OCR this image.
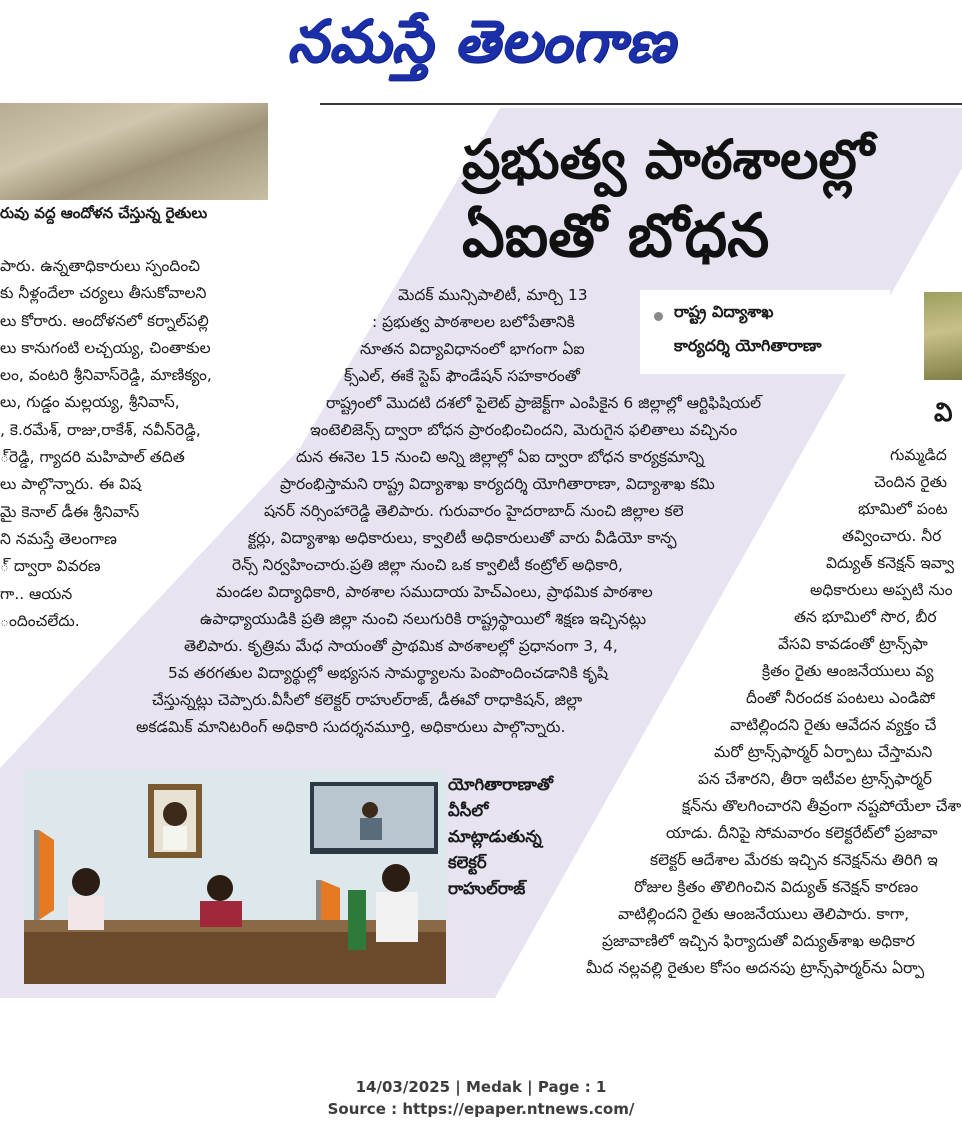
నమస్తే తెలంగాణ
రువు వద్ద ఆందోళన చేస్తున్న రైతులు
పారు. ఉన్నతాధికారులు స్పందించి
కు నీళ్లందేలా చర్యలు తీసుకోవాలని
లు కోరారు. ఆందోళనలో కర్నాల్‌పల్లి
లు కానుగంటి లచ్చయ్య, చింతాకుల
లం, వంటరి శ్రీనివాస్‌రెడ్డి, మాణిక్యం,
లు, గుడ్డం మల్లయ్య, శ్రీనివాస్,
, కె.రమేశ్, రాజు,రాకేశ్, నవీన్‌రెడ్డి,
్‌రెడ్డి, గ్యాదరి మహిపాల్ తదిత
లు పాల్గొన్నారు. ఈ విష
మై కెనాల్ డీఈ శ్రీనివాస్
ని నమస్తే తెలంగాణ
్ ద్వారా వివరణ
గా.. ఆయన
ందించలేదు.
ప్రభుత్వ పాఠశాలల్లో
ఏఐతో బోధన
రాష్ట్ర విద్యాశాఖ
కార్యదర్శి యోగితారాణా
మెదక్ మున్సిపాలిటీ, మార్చి 13
: ప్రభుత్వ పాఠశాలల బలోపేతానికి
నూతన విద్యావిధానంలో భాగంగా ఏఐ
క్స్‌ఎల్, ఈకే స్టెప్ ఫౌండేషన్ సహకారంతో
రాష్ట్రంలో మొదటి దశలో పైలెట్ ప్రాజెక్ట్‌గా ఎంపికైన 6 జిల్లాల్లో ఆర్టిఫిషియల్
ఇంటెలిజెన్స్ ద్వారా బోధన ప్రారంభించిందని, మెరుగైన ఫలితాలు వచ్చినం
దున ఈనెల 15 నుంచి అన్ని జిల్లాల్లో ఏఐ ద్వారా బోధన కార్యక్రమాన్ని
ప్రారంభిస్తామని రాష్ట్ర విద్యాశాఖ కార్యదర్శి యోగితారాణా, విద్యాశాఖ కమి
షనర్ నర్సింహారెడ్డి తెలిపారు. గురువారం హైదరాబాద్ నుంచి జిల్లాల కలె
క్టర్లు, విద్యాశాఖ అధికారులు, క్వాలిటీ అధికారులుతో వారు వీడియో కాన్ఫ
రెన్స్ నిర్వహించారు.ప్రతి జిల్లా నుంచి ఒక క్వాలిటీ కంట్రోల్ అధికారి,
మండల విద్యాధికారి, పాఠశాల సముదాయ హెచ్‌ఎంలు, ప్రాథమిక పాఠశాల
ఉపాధ్యాయుడికి ప్రతి జిల్లా నుంచి నలుగురికి రాష్ట్రస్థాయిలో శిక్షణ ఇచ్చినట్లు
తెలిపారు. కృత్రిమ మేధ సాయంతో ప్రాథమిక పాఠశాలల్లో ప్రధానంగా 3, 4,
5వ తరగతుల విద్యార్థుల్లో అభ్యసన సామర్థ్యాలను పెంపొందించడానికి కృషి
చేస్తున్నట్లు చెప్పారు.వీసీలో కలెక్టర్ రాహుల్‌రాజ్, డీఈవో రాధాకిషన్, జిల్లా
అకడమిక్ మానిటరింగ్ అధికారి సుదర్శనమూర్తి, అధికారులు పాల్గొన్నారు.
వి
గుమ్మడిద
చెందిన రైతు
భూమిలో పంట
తవ్వించారు. నీర
విద్యుత్ కనెక్షన్ ఇవ్వా
అధికారులు అప్పటి నుం
తన భూమిలో సొర, బీర
వేసవి కావడంతో ట్రాన్స్‌ఫా
క్రితం రైతు ఆంజనేయులు వ్య
దీంతో నీరందక పంటలు ఎండిపో
వాటిల్లిందని రైతు ఆవేదన వ్యక్తం చే
మరో ట్రాన్స్‌ఫార్మర్ ఏర్పాటు చేస్తామని
పన చేశారని, తీరా ఇటీవల ట్రాన్స్‌ఫార్మర్
క్షన్‌ను తొలగించారని తీవ్రంగా నష్టపోయేలా చేశా
యాడు. దీనిపై సోమవారం కలెక్టరేట్‌లో ప్రజావా
కలెక్టర్ ఆదేశాల మేరకు ఇచ్చిన కనెక్షన్‌ను తిరిగి ఇ
రోజుల క్రితం తొలిగించిన విద్యుత్ కనెక్షన్ కారణం
వాటిల్లిందని రైతు ఆంజనేయులు తెలిపారు. కాగా,
ప్రజావాణిలో ఇచ్చిన ఫిర్యాదుతో విద్యుత్‌శాఖ అధికార
మీద నల్లవల్లి రైతుల కోసం అదనపు ట్రాన్స్‌ఫార్మర్‌ను ఏర్పా
యోగితారాణాతో
వీసీలో
మాట్లాడుతున్న
కలెక్టర్
రాహుల్‌రాజ్
14/03/2025 | Medak | Page : 1
Source : https://epaper.ntnews.com/
